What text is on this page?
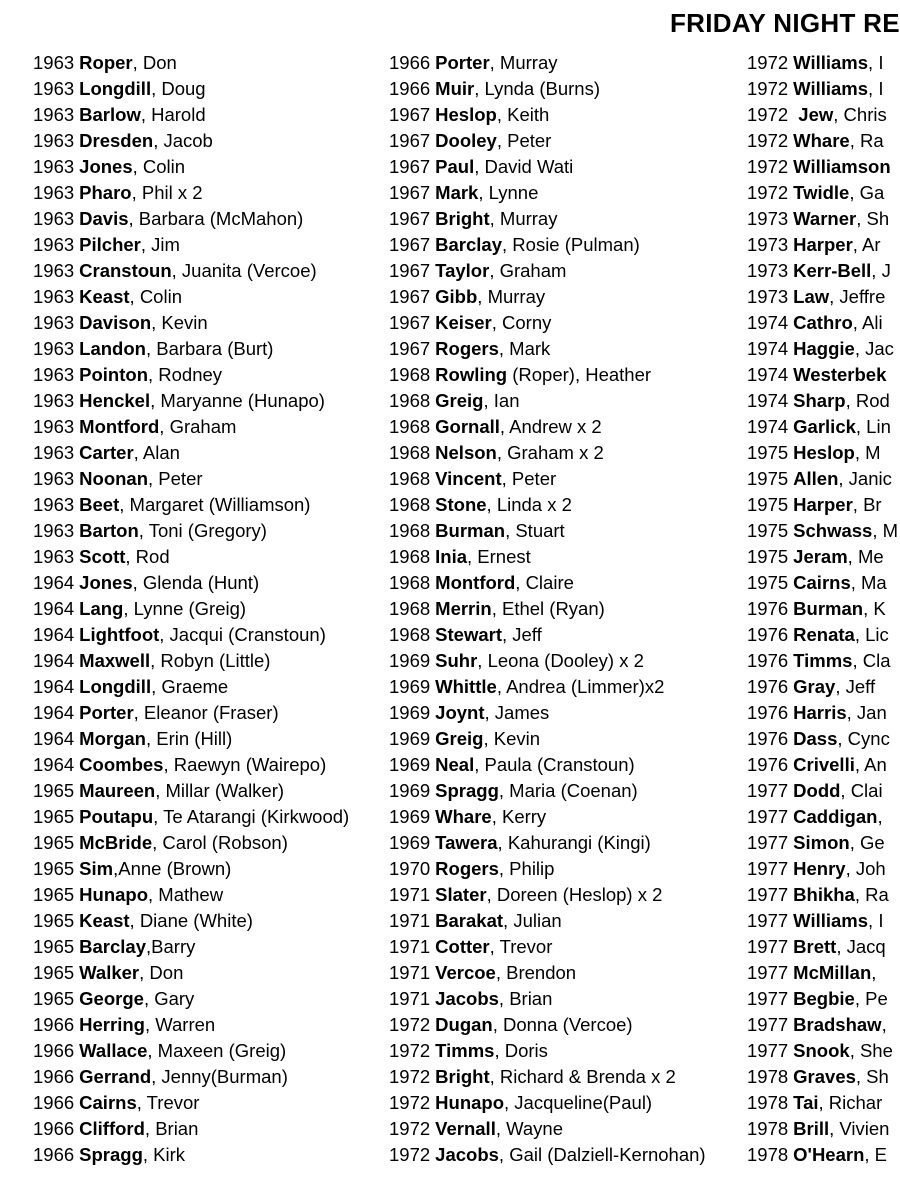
FRIDAY NIGHT RE
1963 Roper, Don
1963 Longdill, Doug
1963 Barlow, Harold
1963 Dresden, Jacob
1963 Jones, Colin
1963 Pharo, Phil x 2
1963 Davis, Barbara (McMahon)
1963 Pilcher, Jim
1963 Cranstoun, Juanita (Vercoe)
1963 Keast, Colin
1963 Davison, Kevin
1963 Landon, Barbara (Burt)
1963 Pointon, Rodney
1963 Henckel, Maryanne (Hunapo)
1963 Montford, Graham
1963 Carter, Alan
1963 Noonan, Peter
1963 Beet, Margaret (Williamson)
1963 Barton, Toni (Gregory)
1963 Scott, Rod
1964 Jones, Glenda (Hunt)
1964 Lang, Lynne (Greig)
1964 Lightfoot, Jacqui (Cranstoun)
1964 Maxwell, Robyn (Little)
1964 Longdill, Graeme
1964 Porter, Eleanor (Fraser)
1964 Morgan, Erin (Hill)
1964 Coombes, Raewyn (Wairepo)
1965 Maureen, Millar (Walker)
1965 Poutapu, Te Atarangi (Kirkwood)
1965 McBride, Carol (Robson)
1965 Sim,Anne (Brown)
1965 Hunapo, Mathew
1965 Keast, Diane (White)
1965 Barclay,Barry
1965 Walker, Don
1965 George, Gary
1966 Herring, Warren
1966 Wallace, Maxeen (Greig)
1966 Gerrand, Jenny(Burman)
1966 Cairns, Trevor
1966 Clifford, Brian
1966 Spragg, Kirk
1966 Porter, Murray
1966 Muir, Lynda (Burns)
1967 Heslop, Keith
1967 Dooley, Peter
1967 Paul, David Wati
1967 Mark, Lynne
1967 Bright, Murray
1967 Barclay, Rosie (Pulman)
1967 Taylor, Graham
1967 Gibb, Murray
1967 Keiser, Corny
1967 Rogers, Mark
1968 Rowling (Roper), Heather
1968 Greig, Ian
1968 Gornall, Andrew x 2
1968 Nelson, Graham x 2
1968 Vincent, Peter
1968 Stone, Linda x 2
1968 Burman, Stuart
1968 Inia, Ernest
1968 Montford, Claire
1968 Merrin, Ethel (Ryan)
1968 Stewart, Jeff
1969 Suhr, Leona (Dooley) x 2
1969 Whittle, Andrea (Limmer)x2
1969 Joynt, James
1969 Greig, Kevin
1969 Neal, Paula (Cranstoun)
1969 Spragg, Maria (Coenan)
1969 Whare, Kerry
1969 Tawera, Kahurangi (Kingi)
1970 Rogers, Philip
1971 Slater, Doreen (Heslop) x 2
1971 Barakat, Julian
1971 Cotter, Trevor
1971 Vercoe, Brendon
1971 Jacobs, Brian
1972 Dugan, Donna (Vercoe)
1972 Timms, Doris
1972 Bright, Richard & Brenda x 2
1972 Hunapo, Jacqueline(Paul)
1972 Vernall, Wayne
1972 Jacobs, Gail (Dalziell-Kernohan)
1972 Williams, I
1972 Williams, I
1972 Jew, Chris
1972 Whare, Ra
1972 Williamson
1972 Twidle, Ga
1973 Warner, Sh
1973 Harper, Ar
1973 Kerr-Bell, J
1973 Law, Jeffre
1974 Cathro, Ali
1974 Haggie, Jac
1974 Westerbek
1974 Sharp, Rod
1974 Garlick, Lin
1975 Heslop, M
1975 Allen, Janic
1975 Harper, Br
1975 Schwass, M
1975 Jeram, Me
1975 Cairns, Ma
1976 Burman, K
1976 Renata, Lic
1976 Timms, Cla
1976 Gray, Jeff
1976 Harris, Jan
1976 Dass, Cync
1976 Crivelli, An
1977 Dodd, Clai
1977 Caddigan,
1977 Simon, Ge
1977 Henry, Joh
1977 Bhikha, Ra
1977 Williams, I
1977 Brett, Jacq
1977 McMillan,
1977 Begbie, Pe
1977 Bradshaw,
1977 Snook, She
1978 Graves, Sh
1978 Tai, Richar
1978 Brill, Vivien
1978 O'Hearn, E
